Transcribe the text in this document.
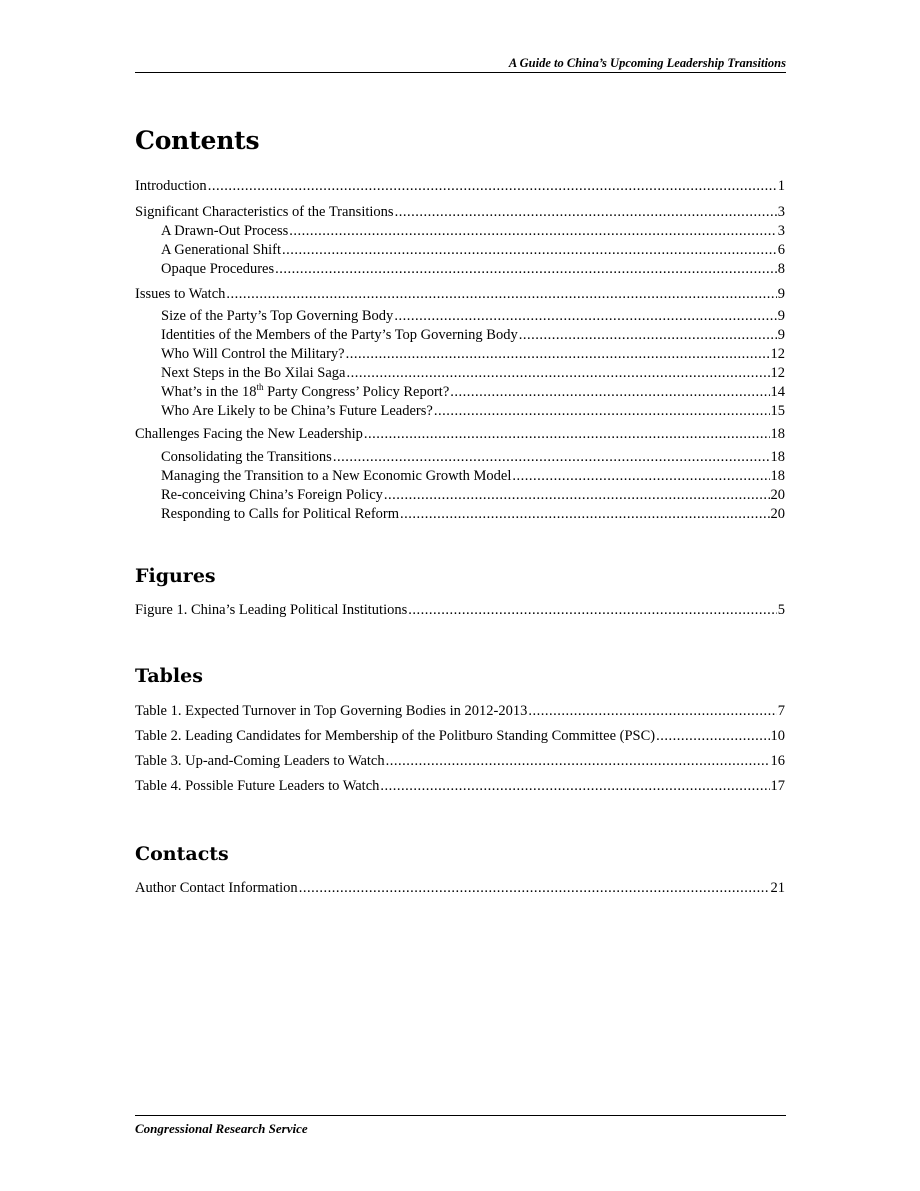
A Guide to China’s Upcoming Leadership Transitions
Contents
Introduction .....	1
Significant Characteristics of the Transitions .....	3
A Drawn-Out Process .....	3
A Generational Shift .....	6
Opaque Procedures .....	8
Issues to Watch .....	9
Size of the Party’s Top Governing Body .....	9
Identities of the Members of the Party’s Top Governing Body .....	9
Who Will Control the Military? .....	12
Next Steps in the Bo Xilai Saga .....	12
What’s in the 18th Party Congress’ Policy Report? .....	14
Who Are Likely to be China’s Future Leaders? .....	15
Challenges Facing the New Leadership .....	18
Consolidating the Transitions .....	18
Managing the Transition to a New Economic Growth Model .....	18
Re-conceiving China’s Foreign Policy .....	20
Responding to Calls for Political Reform .....	20
Figures
Figure 1. China’s Leading Political Institutions .....	5
Tables
Table 1. Expected Turnover in Top Governing Bodies in 2012-2013 .....	7
Table 2. Leading Candidates for Membership of the Politburo Standing Committee (PSC) .....	10
Table 3. Up-and-Coming Leaders to Watch .....	16
Table 4. Possible Future Leaders to Watch .....	17
Contacts
Author Contact Information .....	21
Congressional Research Service
